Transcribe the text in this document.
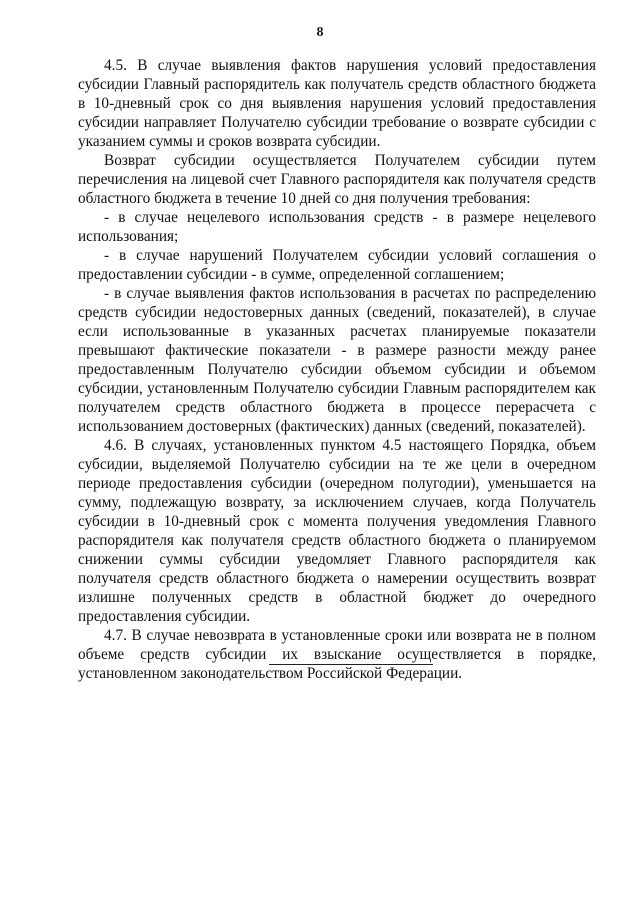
8

4.5. В случае выявления фактов нарушения условий предоставления субсидии Главный распорядитель как получатель средств областного бюджета в 10-дневный срок со дня выявления нарушения условий предоставления субсидии направляет Получателю субсидии требование о возврате субсидии с указанием суммы и сроков возврата субсидии.

Возврат субсидии осуществляется Получателем субсидии путем перечисления на лицевой счет Главного распорядителя как получателя средств областного бюджета в течение 10 дней со дня получения требования:

- в случае нецелевого использования средств - в размере нецелевого использования;

- в случае нарушений Получателем субсидии условий соглашения о предоставлении субсидии - в сумме, определенной соглашением;

- в случае выявления фактов использования в расчетах по распределению средств субсидии недостоверных данных (сведений, показателей), в случае если использованные в указанных расчетах планируемые показатели превышают фактические показатели - в размере разности между ранее предоставленным Получателю субсидии объемом субсидии и объемом субсидии, установленным Получателю субсидии Главным распорядителем как получателем средств областного бюджета в процессе перерасчета с использованием достоверных (фактических) данных (сведений, показателей).

4.6. В случаях, установленных пунктом 4.5 настоящего Порядка, объем субсидии, выделяемой Получателю субсидии на те же цели в очередном периоде предоставления субсидии (очередном полугодии), уменьшается на сумму, подлежащую возврату, за исключением случаев, когда Получатель субсидии в 10-дневный срок с момента получения уведомления Главного распорядителя как получателя средств областного бюджета о планируемом снижении суммы субсидии уведомляет Главного распорядителя как получателя средств областного бюджета о намерении осуществить возврат излишне полученных средств в областной бюджет до очередного предоставления субсидии.

4.7. В случае невозврата в установленные сроки или возврата не в полном объеме средств субсидии их взыскание осуществляется в порядке, установленном законодательством Российской Федерации.
